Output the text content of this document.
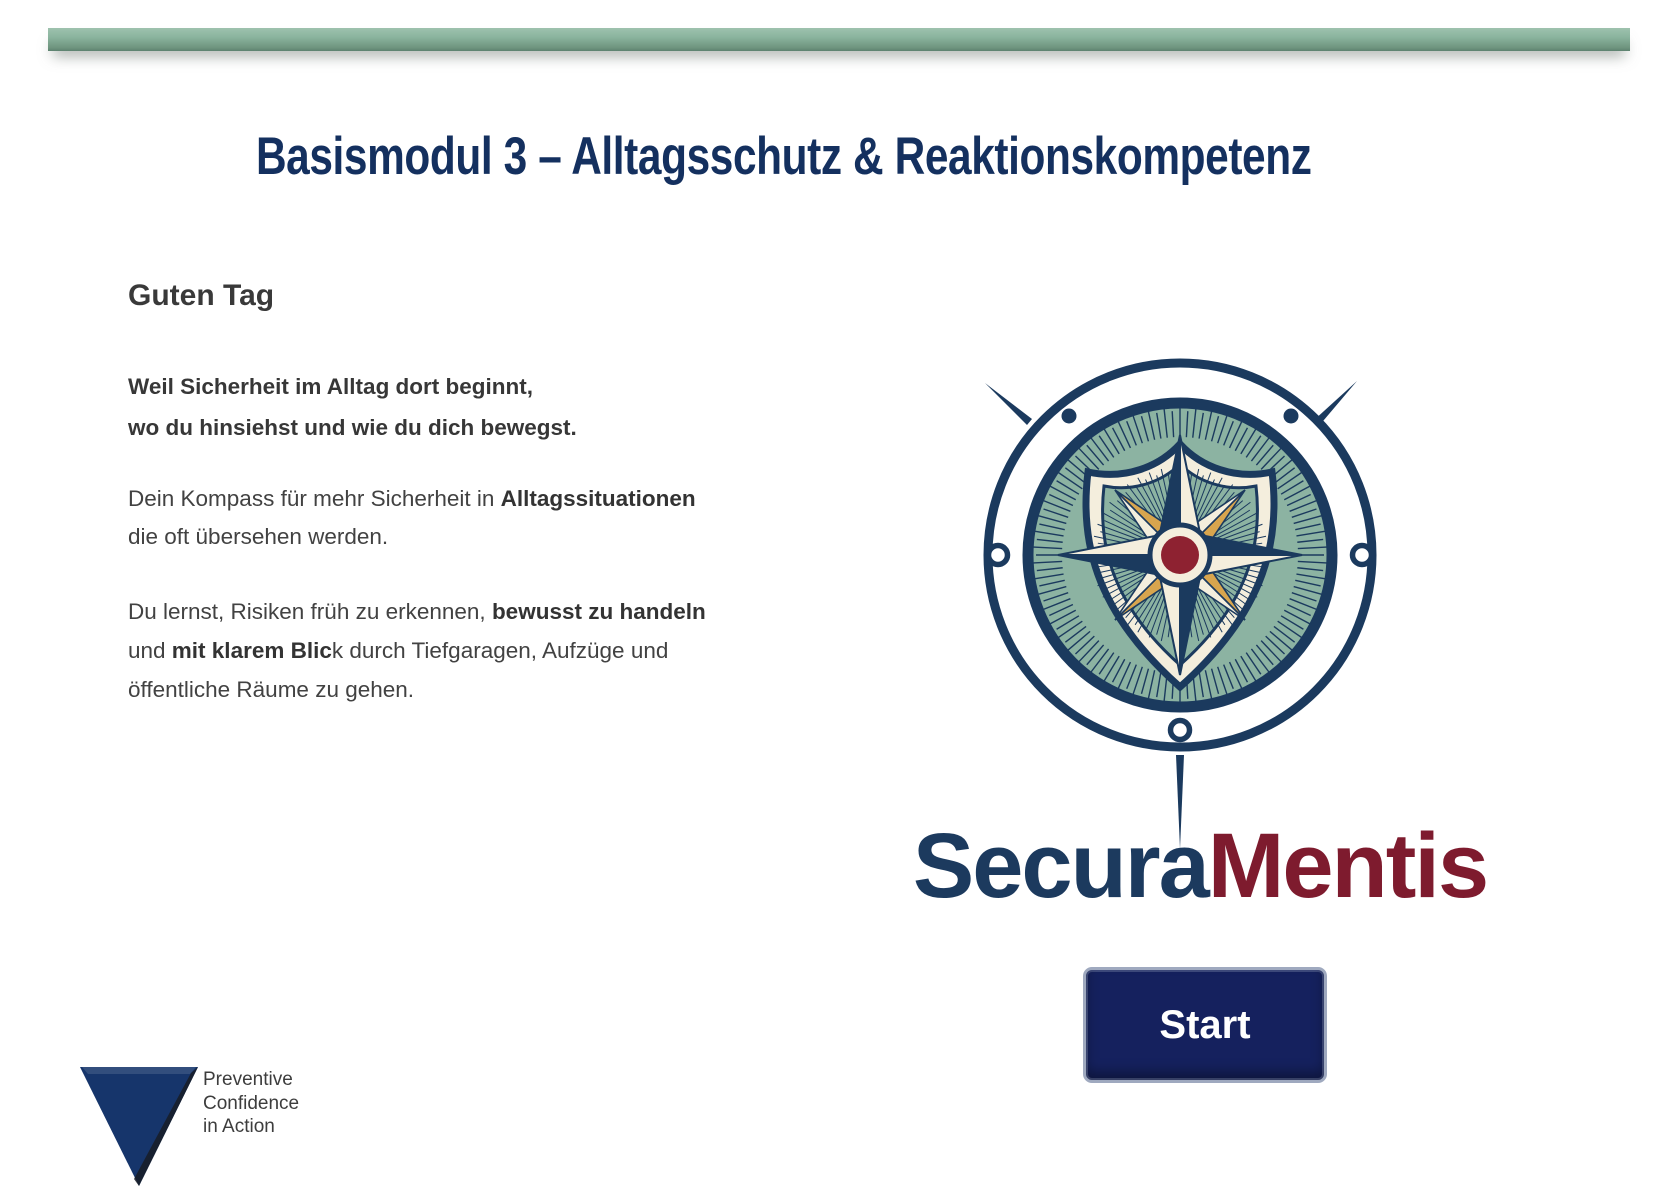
Basismodul 3 – Alltagsschutz & Reaktionskompetenz
Guten Tag
Weil Sicherheit im Alltag dort beginnt,
wo du hinsiehst und wie du dich bewegst.
Dein Kompass für mehr Sicherheit in Alltagssituationen
die oft übersehen werden.
Du lernst, Risiken früh zu erkennen, bewusst zu handeln
und mit klarem Blick durch Tiefgaragen, Aufzüge und
öffentliche Räume zu gehen.
SecuraMentis
Start
Preventive
Confidence
in Action
